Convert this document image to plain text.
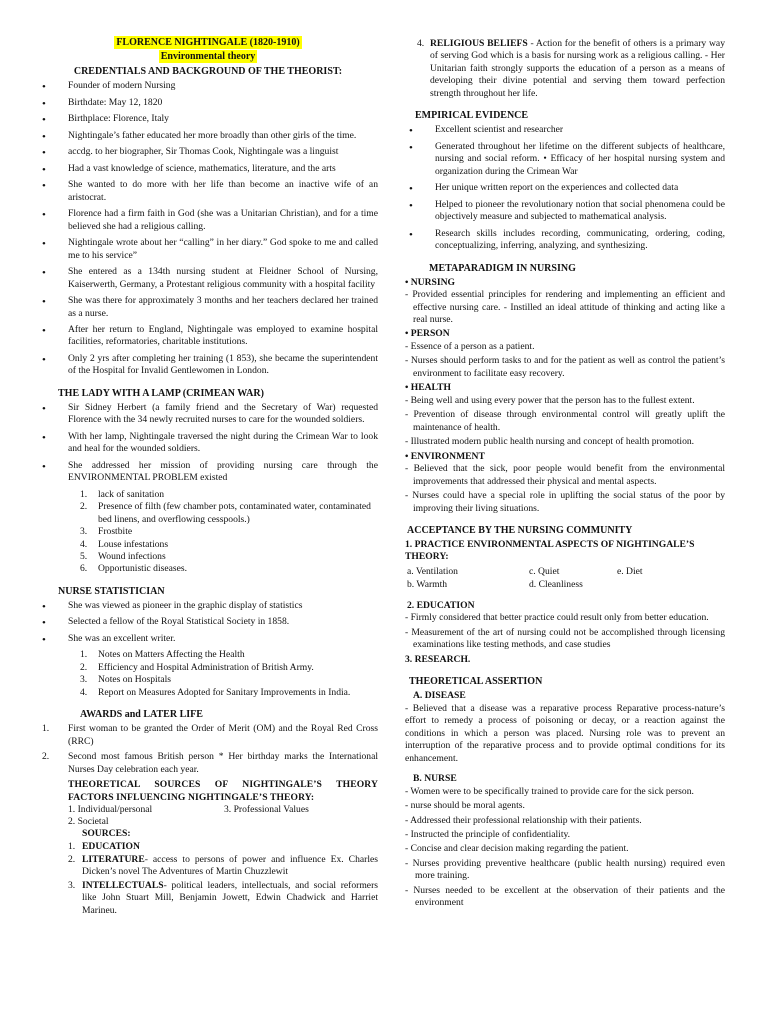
FLORENCE NIGHTINGALE (1820-1910)
Environmental theory
CREDENTIALS AND BACKGROUND OF THE THEORIST:
• Founder of modern Nursing
• Birthdate: May 12, 1820
• Birthplace: Florence, Italy
• Nightingale’s father educated her more broadly than other girls of the time.
• accdg. to her biographer, Sir Thomas Cook, Nightingale was a linguist
• Had a vast knowledge of science, mathematics, literature, and the arts
• She wanted to do more with her life than become an inactive wife of an aristocrat.
• Florence had a firm faith in God (she was a Unitarian Christian), and for a time believed she had a religious calling.
• Nightingale wrote about her “calling” in her diary.” God spoke to me and called me to his service”
• She entered as a 134th nursing student at Fleidner School of Nursing, Kaiserwerth, Germany, a Protestant religious community with a hospital facility
• She was there for approximately 3 months and her teachers declared her trained as a nurse.
• After her return to England, Nightingale was employed to examine hospital facilities, reformatories, charitable institutions.
• Only 2 yrs after completing her training (1 853), she became the superintendent of the Hospital for Invalid Gentlewomen in London.
THE LADY WITH A LAMP (CRIMEAN WAR)
• Sir Sidney Herbert (a family friend and the Secretary of War) requested Florence with the 34 newly recruited nurses to care for the wounded soldiers.
• With her lamp, Nightingale traversed the night during the Crimean War to look and heal for the wounded soldiers.
• She addressed her mission of providing nursing care through the ENVIRONMENTAL PROBLEM existed
1. lack of sanitation
2. Presence of filth (few chamber pots, contaminated water, contaminated bed linens, and overflowing cesspools.)
3. Frostbite
4. Louse infestations
5. Wound infections
6. Opportunistic diseases.
NURSE STATISTICIAN
• She was viewed as pioneer in the graphic display of statistics
• Selected a fellow of the Royal Statistical Society in 1858.
• She was an excellent writer.
1. Notes on Matters Affecting the Health
2. Efficiency and Hospital Administration of British Army.
3. Notes on Hospitals
4. Report on Measures Adopted for Sanitary Improvements in India.
AWARDS and LATER LIFE
1. First woman to be granted the Order of Merit (OM) and the Royal Red Cross (RRC)
2. Second most famous British person * Her birthday marks the International Nurses Day celebration each year.
THEORETICAL SOURCES OF NIGHTINGALE’S THEORY FACTORS INFLUENCING NIGHTINGALE’S THEORY:
1. Individual/personal	3. Professional Values
2. Societal
SOURCES:
1. EDUCATION
2. LITERATURE- access to persons of power and influence Ex. Charles Dicken’s novel The Adventures of Martin Chuzzlewit
3. INTELLECTUALS- political leaders, intellectuals, and social reformers like John Stuart Mill, Benjamin Jowett, Edwin Chadwick and Harriet Marineu.
4. RELIGIOUS BELIEFS - Action for the benefit of others is a primary way of serving God which is a basis for nursing work as a religious calling. - Her Unitarian faith strongly supports the education of a person as a means of developing their divine potential and serving them toward perfection strength throughout her life.
EMPIRICAL EVIDENCE
• Excellent scientist and researcher
• Generated throughout her lifetime on the different subjects of healthcare, nursing and social reform. • Efficacy of her hospital nursing system and organization during the Crimean War
• Her unique written report on the experiences and collected data
• Helped to pioneer the revolutionary notion that social phenomena could be objectively measure and subjected to mathematical analysis.
• Research skills includes recording, communicating, ordering, coding, conceptualizing, inferring, analyzing, and synthesizing.
METAPARADIGM IN NURSING
• NURSING
- Provided essential principles for rendering and implementing an efficient and effective nursing care. - Instilled an ideal attitude of thinking and acting like a real nurse.
• PERSON
- Essence of a person as a patient.
- Nurses should perform tasks to and for the patient as well as control the patient’s environment to facilitate easy recovery.
• HEALTH
- Being well and using every power that the person has to the fullest extent.
- Prevention of disease through environmental control will greatly uplift the maintenance of health.
- Illustrated modern public health nursing and concept of health promotion.
• ENVIRONMENT
- Believed that the sick, poor people would benefit from the environmental improvements that addressed their physical and mental aspects.
- Nurses could have a special role in uplifting the social status of the poor by improving their living situations.
ACCEPTANCE BY THE NURSING COMMUNITY
1. PRACTICE ENVIRONMENTAL ASPECTS OF NIGHTINGALE’S THEORY:
a. Ventilation	c. Quiet	e. Diet
b. Warmth	d. Cleanliness
2. EDUCATION
- Firmly considered that better practice could result only from better education.
- Measurement of the art of nursing could not be accomplished through licensing examinations like testing methods, and case studies
3. RESEARCH.
THEORETICAL ASSERTION
A. DISEASE
- Believed that a disease was a reparative process Reparative process-nature’s effort to remedy a process of poisoning or decay, or a reaction against the conditions in which a person was placed. Nursing role was to prevent an interruption of the reparative process and to provide optimal conditions for its enhancement.
B. NURSE
- Women were to be specifically trained to provide care for the sick person.
- nurse should be moral agents.
- Addressed their professional relationship with their patients.
- Instructed the principle of confidentiality.
- Concise and clear decision making regarding the patient.
- Nurses providing preventive healthcare (public health nursing) required even more training.
- Nurses needed to be excellent at the observation of their patients and the environment
